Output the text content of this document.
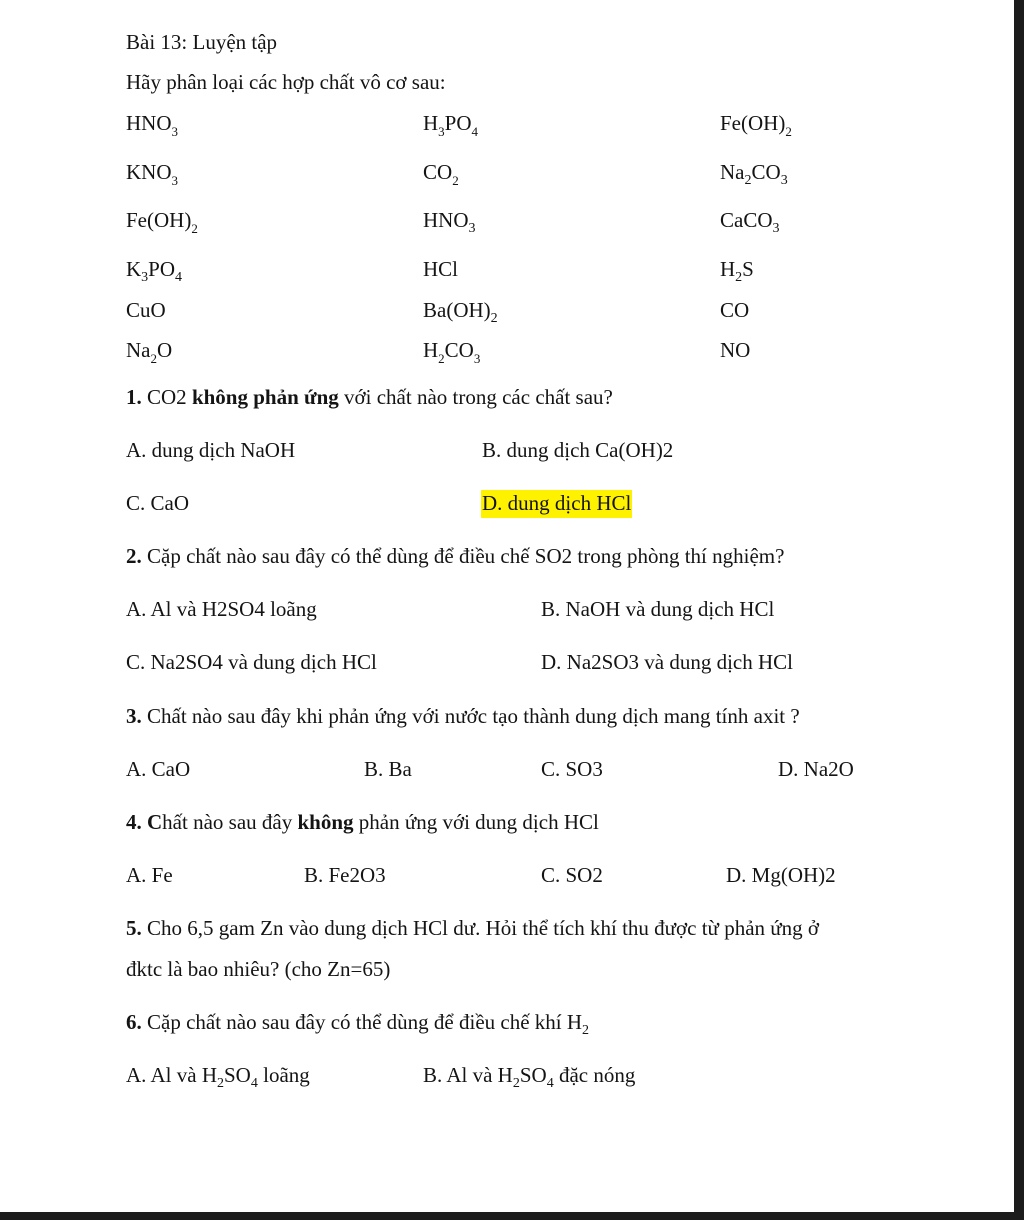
Bài 13: Luyện tập
Hãy phân loại các hợp chất vô cơ sau:
$HNO_3$	$H_3PO_4$	$Fe(OH)_2$
$KNO_3$	$CO_2$	$Na_2CO_3$
$Fe(OH)_2$	$HNO_3$	CaCO$_3$
$K_3PO_4$	HCl	$H_2S$
CuO	$Ba(OH)_2$	CO
$Na_2O$	$H_2CO_3$	NO
1. CO2 không phản ứng với chất nào trong các chất sau?
A. dung dịch NaOH	B. dung dịch Ca(OH)2
C. CaO	D. dung dịch HCl
2. Cặp chất nào sau đây có thể dùng để điều chế SO2 trong phòng thí nghiệm?
A. Al và H2SO4 loãng	B. NaOH và dung dịch HCl
C. Na2SO4 và dung dịch HCl	D. Na2SO3 và dung dịch HCl
3. Chất nào sau đây khi phản ứng với nước tạo thành dung dịch mang tính axit ?
A. CaO	B. Ba	C. SO3	D. Na2O
4. Chất nào sau đây không phản ứng với dung dịch HCl
A. Fe	B. Fe2O3	C. SO2	D. Mg(OH)2
5. Cho 6,5 gam Zn vào dung dịch HCl dư. Hỏi thể tích khí thu được từ phản ứng ở
đktc là bao nhiêu? (cho Zn=65)
6. Cặp chất nào sau đây có thể dùng để điều chế khí $H_2$
A. Al và $H_2SO_4$ loãng	B. Al và $H_2SO_4$ đặc nóng
